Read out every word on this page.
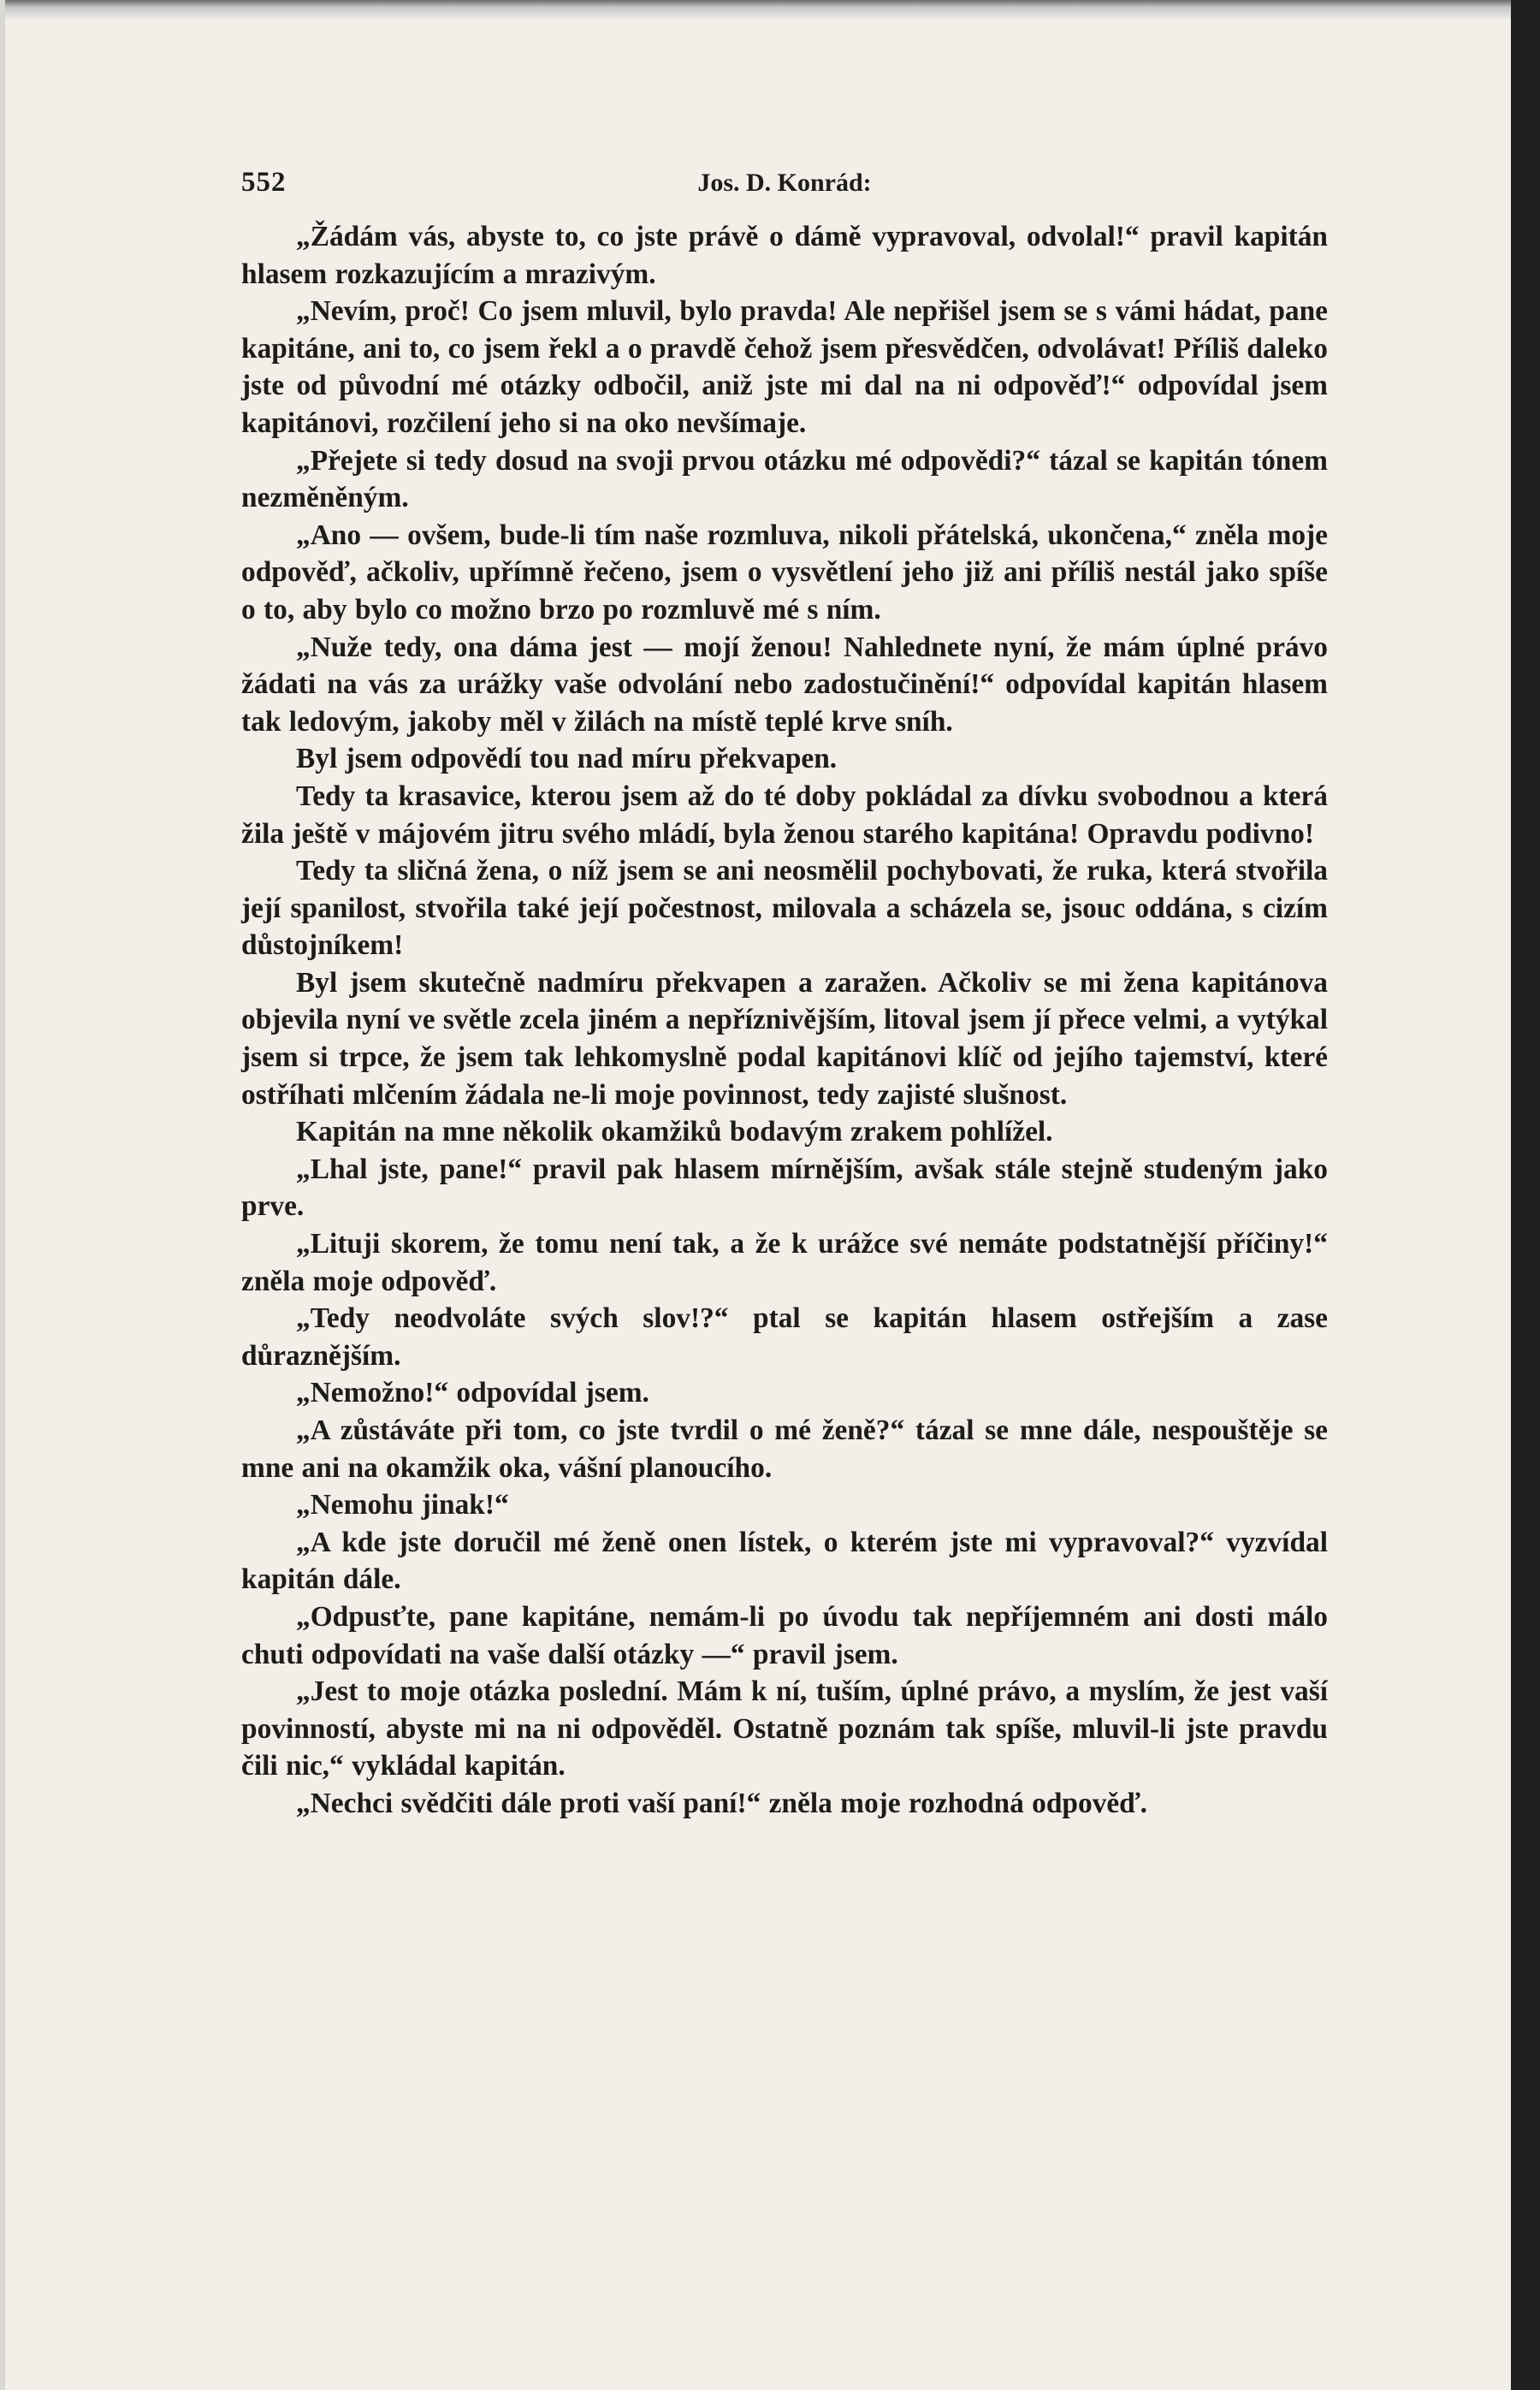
552	Jos. D. Konrád:

„Žádám vás, abyste to, co jste právě o dámě vypravoval, odvolal!“ pravil kapitán hlasem rozkazujícím a mrazivým.

„Nevím, proč! Co jsem mluvil, bylo pravda! Ale nepřišel jsem se s vámi hádat, pane kapitáne, ani to, co jsem řekl a o pravdě čehož jsem přesvědčen, odvolávat! Příliš daleko jste od původní mé otázky odbočil, aniž jste mi dal na ni odpověď!“ odpovídal jsem kapitánovi, rozčilení jeho si na oko nevšímaje.

„Přejete si tedy dosud na svoji prvou otázku mé odpovědi?“ tázal se kapitán tónem nezměněným.

„Ano — ovšem, bude-li tím naše rozmluva, nikoli přátelská, ukončena,“ zněla moje odpověď, ačkoliv, upřímně řečeno, jsem o vysvětlení jeho již ani příliš nestál jako spíše o to, aby bylo co možno brzo po rozmluvě mé s ním.

„Nuže tedy, ona dáma jest — mojí ženou! Nahlednete nyní, že mám úplné právo žádati na vás za urážky vaše odvolání nebo zadostučinění!“ odpovídal kapitán hlasem tak ledovým, jakoby měl v žilách na místě teplé krve sníh.

Byl jsem odpovědí tou nad míru překvapen.

Tedy ta krasavice, kterou jsem až do té doby pokládal za dívku svobodnou a která žila ještě v májovém jitru svého mládí, byla ženou starého kapitána! Opravdu podivno!

Tedy ta sličná žena, o níž jsem se ani neosmělil pochybovati, že ruka, která stvořila její spanilost, stvořila také její počestnost, milovala a scházela se, jsouc oddána, s cizím důstojníkem!

Byl jsem skutečně nadmíru překvapen a zaražen. Ačkoliv se mi žena kapitánova objevila nyní ve světle zcela jiném a nepříznivějším, litoval jsem jí přece velmi, a vytýkal jsem si trpce, že jsem tak lehkomyslně podal kapitánovi klíč od jejího tajemství, které ostříhati mlčením žádala ne-li moje povinnost, tedy zajisté slušnost.

Kapitán na mne několik okamžiků bodavým zrakem pohlížel.

„Lhal jste, pane!“ pravil pak hlasem mírnějším, avšak stále stejně studeným jako prve.

„Lituji skorem, že tomu není tak, a že k urážce své nemáte podstatnější příčiny!“ zněla moje odpověď.

„Tedy neodvoláte svých slov!?“ ptal se kapitán hlasem ostřejším a zase důraznějším.

„Nemožno!“ odpovídal jsem.

„A zůstáváte při tom, co jste tvrdil o mé ženě?“ tázal se mne dále, nespouštěje se mne ani na okamžik oka, vášní planoucího.

„Nemohu jinak!“

„A kde jste doručil mé ženě onen lístek, o kterém jste mi vypravoval?“ vyzvídal kapitán dále.

„Odpusťte, pane kapitáne, nemám-li po úvodu tak nepříjemném ani dosti málo chuti odpovídati na vaše další otázky —“ pravil jsem.

„Jest to moje otázka poslední. Mám k ní, tuším, úplné právo, a myslím, že jest vaší povinností, abyste mi na ni odpověděl. Ostatně poznám tak spíše, mluvil-li jste pravdu čili nic,“ vykládal kapitán.

„Nechci svědčiti dále proti vaší paní!“ zněla moje rozhodná odpověď.
